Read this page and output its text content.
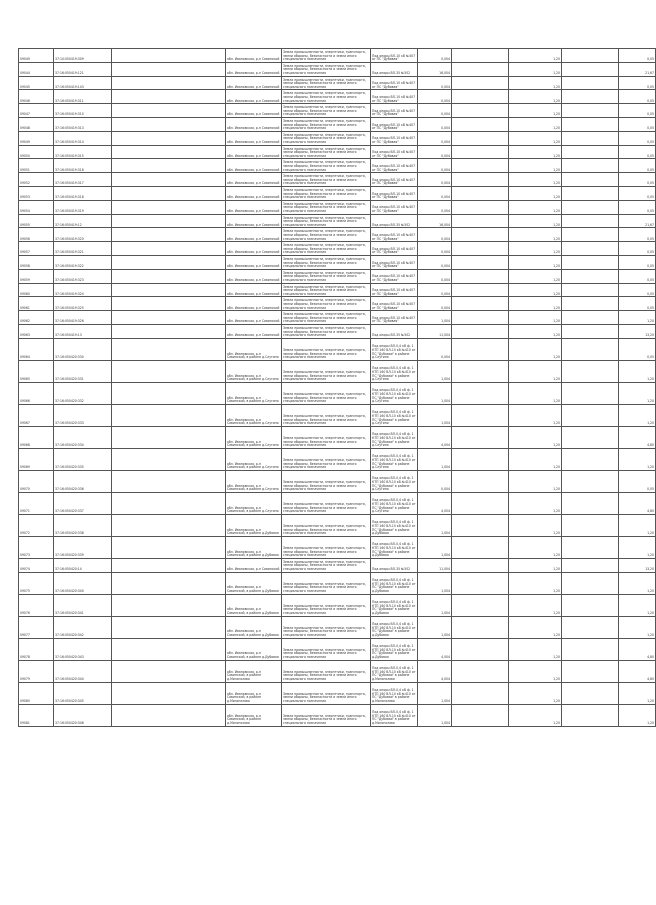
09049	37:10:050419:309		обл. Ивановская, р-н Савинский	Земли промышленности, энергетики, транспорта, земли обороны, безопасности и земли иного специального назначения	Под опоры ВЛ-10 кВ №407 от ПС "Дубовая"	0,004		1,20		0,05
09044	37:16:050419:121		обл. Ивановская, р-н Савинский	Земли промышленности, энергетики, транспорта, земли обороны, безопасности и земли иного специального назначения	Под опоры ВЛ-35 №502	16,004		1,20		21,67
09045	37:16:050419:143		обл. Ивановская, р-н Савинский	Земли промышленности, энергетики, транспорта, земли обороны, безопасности и земли иного специального назначения	Под опоры ВЛ-10 кВ №407 от ПС "Дубовая"	0,004		1,20		0,05
09046	37:16:050419:311		обл. Ивановская, р-н Савинский	Земли промышленности, энергетики, транспорта, земли обороны, безопасности и земли иного специального назначения	Под опоры ВЛ-10 кВ №407 от ПС "Дубовая"	0,004		1,20		0,05
09047	37:16:050419:310		обл. Ивановская, р-н Савинский	Земли промышленности, энергетики, транспорта, земли обороны, безопасности и земли иного специального назначения	Под опоры ВЛ-10 кВ №407 от ПС "Дубовая"	0,004		1,20		0,05
09048	37:16:050419:313		обл. Ивановская, р-н Савинский	Земли промышленности, энергетики, транспорта, земли обороны, безопасности и земли иного специального назначения	Под опоры ВЛ-10 кВ №407 от ПС "Дубовая"	0,004		1,20		0,05
09049	37:16:050419:314		обл. Ивановская, р-н Савинский	Земли промышленности, энергетики, транспорта, земли обороны, безопасности и земли иного специального назначения	Под опоры ВЛ-10 кВ №407 от ПС "Дубовая"	0,004		1,20		0,05
09050	37:16:050419:315		обл. Ивановская, р-н Савинский	Земли промышленности, энергетики, транспорта, земли обороны, безопасности и земли иного специального назначения	Под опоры ВЛ-10 кВ №407 от ПС "Дубовая"	0,004		1,20		0,05
09051	37:16:050419:316		обл. Ивановская, р-н Савинский	Земли промышленности, энергетики, транспорта, земли обороны, безопасности и земли иного специального назначения	Под опоры ВЛ-10 кВ №407 от ПС "Дубовая"	0,004		1,20		0,05
09052	37:16:050419:317		обл. Ивановская, р-н Савинский	Земли промышленности, энергетики, транспорта, земли обороны, безопасности и земли иного специального назначения	Под опоры ВЛ-10 кВ №407 от ПС "Дубовая"	0,004		1,20		0,05
09053	37:16:050419:318		обл. Ивановская, р-н Савинский	Земли промышленности, энергетики, транспорта, земли обороны, безопасности и земли иного специального назначения	Под опоры ВЛ-10 кВ №407 от ПС "Дубовая"	0,004		1,20		0,05
09054	37:16:050419:319		обл. Ивановская, р-н Савинский	Земли промышленности, энергетики, транспорта, земли обороны, безопасности и земли иного специального назначения	Под опоры ВЛ-10 кВ №407 от ПС "Дубовая"	0,004		1,20		0,05
09055	37:16:050419:12		обл. Ивановская, р-н Савинский	Земли промышленности, энергетики, транспорта, земли обороны, безопасности и земли иного специального назначения	Под опоры ВЛ-35 №502	16,004		1,20		21,67
09056	37:16:050419:320		обл. Ивановская, р-н Савинский	Земли промышленности, энергетики, транспорта, земли обороны, безопасности и земли иного специального назначения	Под опоры ВЛ-10 кВ №407 от ПС "Дубовая"	0,004		1,20		0,05
09057	37:16:050419:321		обл. Ивановская, р-н Савинский	Земли промышленности, энергетики, транспорта, земли обороны, безопасности и земли иного специального назначения	Под опоры ВЛ-10 кВ №407 от ПС "Дубовая"	0,004		1,20		0,05
09058	37:16:050419:322		обл. Ивановская, р-н Савинский	Земли промышленности, энергетики, транспорта, земли обороны, безопасности и земли иного специального назначения	Под опоры ВЛ-10 кВ №407 от ПС "Дубовая"	0,004		1,20		0,05
09059	37:16:050419:323		обл. Ивановская, р-н Савинский	Земли промышленности, энергетики, транспорта, земли обороны, безопасности и земли иного специального назначения	Под опоры ВЛ-10 кВ №407 от ПС "Дубовая"	0,004		1,20		0,05
09060	37:16:050419:324		обл. Ивановская, р-н Савинский	Земли промышленности, энергетики, транспорта, земли обороны, безопасности и земли иного специального назначения	Под опоры ВЛ-10 кВ №407 от ПС "Дубовая"	0,004		1,20		0,05
09061	37:16:050419:325		обл. Ивановская, р-н Савинский	Земли промышленности, энергетики, транспорта, земли обороны, безопасности и земли иного специального назначения	Под опоры ВЛ-10 кВ №407 от ПС "Дубовая"	0,004		1,20		0,05
09062	37:16:050419:326		обл. Ивановская, р-н Савинский	Земли промышленности, энергетики, транспорта, земли обороны, безопасности и земли иного специального назначения	Под опоры ВЛ-10 кВ №407 от ПС "Дубовая"	1,004		1,20		1,20
09063	37:16:050419:13		обл. Ивановская, р-н Савинский	Земли промышленности, энергетики, транспорта, земли обороны, безопасности и земли иного специального назначения	Под опоры ВЛ-35 №502	11,004		1,20		13,20
09064	37:16:050420:330		обл. Ивановская, р-н Савинский, в районе д.Слугино	Земли промышленности, энергетики, транспорта, земли обороны, безопасности и земли иного специального назначения	Под опоры ВЛ-0,4 кВ ф. 1 КТП 160 ВЛ-10 кВ №410 от ПС "Дубовая" в районе д.Слугино	0,004		1,20		0,05
09065	37:16:050420:331		обл. Ивановская, р-н Савинский, в районе д.Слугино	Земли промышленности, энергетики, транспорта, земли обороны, безопасности и земли иного специального назначения	Под опоры ВЛ-0,4 кВ ф. 1 КТП 160 ВЛ-10 кВ №410 от ПС "Дубовая" в районе д.Слугино	1,004		1,20		1,20
09066	37:16:050420:332		обл. Ивановская, р-н Савинский, в районе д.Слугино	Земли промышленности, энергетики, транспорта, земли обороны, безопасности и земли иного специального назначения	Под опоры ВЛ-0,4 кВ ф. 1 КТП 160 ВЛ-10 кВ №410 от ПС "Дубовая" в районе д.Слугино	1,004		1,20		1,20
09067	37:16:050420:333		обл. Ивановская, р-н Савинский, в районе д.Слугино	Земли промышленности, энергетики, транспорта, земли обороны, безопасности и земли иного специального назначения	Под опоры ВЛ-0,4 кВ ф. 1 КТП 160 ВЛ-10 кВ №410 от ПС "Дубовая" в районе д.Слугино	1,004		1,20		1,20
09068	37:16:050420:334		обл. Ивановская, р-н Савинский, в районе д.Слугино	Земли промышленности, энергетики, транспорта, земли обороны, безопасности и земли иного специального назначения	Под опоры ВЛ-0,4 кВ ф. 1 КТП 160 ВЛ-10 кВ №410 от ПС "Дубовая" в районе д.Слугино	4,004		1,20		4,80
09069	37:16:050420:335		обл. Ивановская, р-н Савинский, в районе д.Слугино	Земли промышленности, энергетики, транспорта, земли обороны, безопасности и земли иного специального назначения	Под опоры ВЛ-0,4 кВ ф. 1 КТП 160 ВЛ-10 кВ №410 от ПС "Дубовая" в районе д.Слугино	1,004		1,20		1,20
09070	37:16:050420:336		обл. Ивановская, р-н Савинский, в районе д.Слугино	Земли промышленности, энергетики, транспорта, земли обороны, безопасности и земли иного специального назначения	Под опоры ВЛ-0,4 кВ ф. 1 КТП 160 ВЛ-10 кВ №410 от ПС "Дубовая" в районе д.Слугино	0,004		1,20		0,05
09071	37:16:050420:337		обл. Ивановская, р-н Савинский, в районе д.Слугино	Земли промышленности, энергетики, транспорта, земли обороны, безопасности и земли иного специального назначения	Под опоры ВЛ-0,4 кВ ф. 1 КТП 160 ВЛ-10 кВ №410 от ПС "Дубовая" в районе д.Слугино	4,004		1,20		4,80
09072	37:16:050420:338		обл. Ивановская, р-н Савинский, в районе д.Дубовая	Земли промышленности, энергетики, транспорта, земли обороны, безопасности и земли иного специального назначения	Под опоры ВЛ-0,4 кВ ф. 1 КТП 160 ВЛ-10 кВ №410 от ПС "Дубовая" в районе д.Дубовая	1,004		1,20		1,20
09073	37:16:050420:339		обл. Ивановская, р-н Савинский, в районе д.Дубовая	Земли промышленности, энергетики, транспорта, земли обороны, безопасности и земли иного специального назначения	Под опоры ВЛ-0,4 кВ ф. 1 КТП 160 ВЛ-10 кВ №410 от ПС "Дубовая" в районе д.Дубовая	1,004		1,20		1,20
09074	37:16:050420:14		обл. Ивановская, р-н Савинский	Земли промышленности, энергетики, транспорта, земли обороны, безопасности и земли иного специального назначения	Под опоры ВЛ-35 №502	11,004		1,20		13,20
09075	37:16:050420:340		обл. Ивановская, р-н Савинский, в районе д.Дубовая	Земли промышленности, энергетики, транспорта, земли обороны, безопасности и земли иного специального назначения	Под опоры ВЛ-0,4 кВ ф. 1 КТП 160 ВЛ-10 кВ №410 от ПС "Дубовая" в районе д.Дубовая	1,004		1,20		1,20
09076	37:16:050420:341		обл. Ивановская, р-н Савинский, в районе д.Дубовая	Земли промышленности, энергетики, транспорта, земли обороны, безопасности и земли иного специального назначения	Под опоры ВЛ-0,4 кВ ф. 1 КТП 160 ВЛ-10 кВ №410 от ПС "Дубовая" в районе д.Дубовая	1,004		1,20		1,20
09077	37:16:050420:342		обл. Ивановская, р-н Савинский, в районе д.Дубовая	Земли промышленности, энергетики, транспорта, земли обороны, безопасности и земли иного специального назначения	Под опоры ВЛ-0,4 кВ ф. 1 КТП 160 ВЛ-10 кВ №410 от ПС "Дубовая" в районе д.Дубовая	1,004		1,20		1,20
09078	37:16:050420:343		обл. Ивановская, р-н Савинский, в районе д.Дубовая	Земли промышленности, энергетики, транспорта, земли обороны, безопасности и земли иного специального назначения	Под опоры ВЛ-0,4 кВ ф. 1 КТП 160 ВЛ-10 кВ №410 от ПС "Дубовая" в районе д.Дубовая	4,004		1,20		4,80
09079	37:16:050420:344		обл. Ивановская, р-н Савинский, в районе д.Милоголово	Земли промышленности, энергетики, транспорта, земли обороны, безопасности и земли иного специального назначения	Под опоры ВЛ-0,4 кВ ф. 1 КТП 160 ВЛ-10 кВ №410 от ПС "Дубовая" в районе д.Милоголово	4,004		1,20		4,80
09080	37:16:050420:345		обл. Ивановская, р-н Савинский, в районе д.Милоголово	Земли промышленности, энергетики, транспорта, земли обороны, безопасности и земли иного специального назначения	Под опоры ВЛ-0,4 кВ ф. 1 КТП 160 ВЛ-10 кВ №410 от ПС "Дубовая" в районе д.Милоголово	1,004		1,20		1,20
09081	37:16:050420:346		обл. Ивановская, р-н Савинский, в районе д.Милоголово	Земли промышленности, энергетики, транспорта, земли обороны, безопасности и земли иного специального назначения	Под опоры ВЛ-0,4 кВ ф. 1 КТП 160 ВЛ-10 кВ №410 от ПС "Дубовая" в районе д.Милоголово	1,004		1,20		1,20
